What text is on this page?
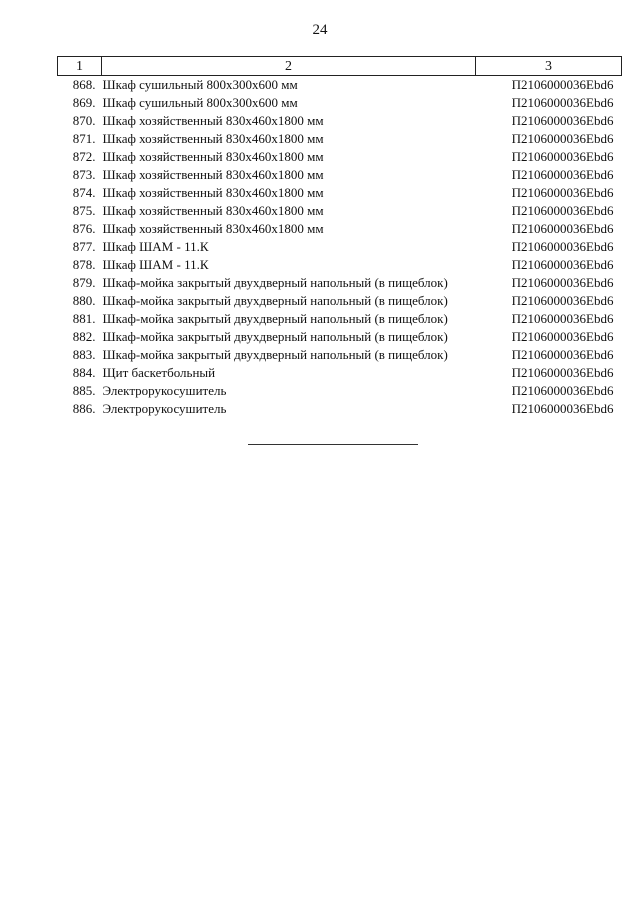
24
1	2	3
868.	Шкаф сушильный 800x300x600 мм	П2106000036Ebd6
869.	Шкаф сушильный 800x300x600 мм	П2106000036Ebd6
870.	Шкаф хозяйственный 830x460x1800 мм	П2106000036Ebd6
871.	Шкаф хозяйственный 830x460x1800 мм	П2106000036Ebd6
872.	Шкаф хозяйственный 830x460x1800 мм	П2106000036Ebd6
873.	Шкаф хозяйственный 830x460x1800 мм	П2106000036Ebd6
874.	Шкаф хозяйственный 830x460x1800 мм	П2106000036Ebd6
875.	Шкаф хозяйственный 830x460x1800 мм	П2106000036Ebd6
876.	Шкаф хозяйственный 830x460x1800 мм	П2106000036Ebd6
877.	Шкаф ШАМ - 11.К	П2106000036Ebd6
878.	Шкаф ШАМ - 11.К	П2106000036Ebd6
879.	Шкаф-мойка закрытый двухдверный напольный (в пищеблок)	П2106000036Ebd6
880.	Шкаф-мойка закрытый двухдверный напольный (в пищеблок)	П2106000036Ebd6
881.	Шкаф-мойка закрытый двухдверный напольный (в пищеблок)	П2106000036Ebd6
882.	Шкаф-мойка закрытый двухдверный напольный (в пищеблок)	П2106000036Ebd6
883.	Шкаф-мойка закрытый двухдверный напольный (в пищеблок)	П2106000036Ebd6
884.	Щит баскетбольный	П2106000036Ebd6
885.	Электрорукосушитель	П2106000036Ebd6
886.	Электрорукосушитель	П2106000036Ebd6
